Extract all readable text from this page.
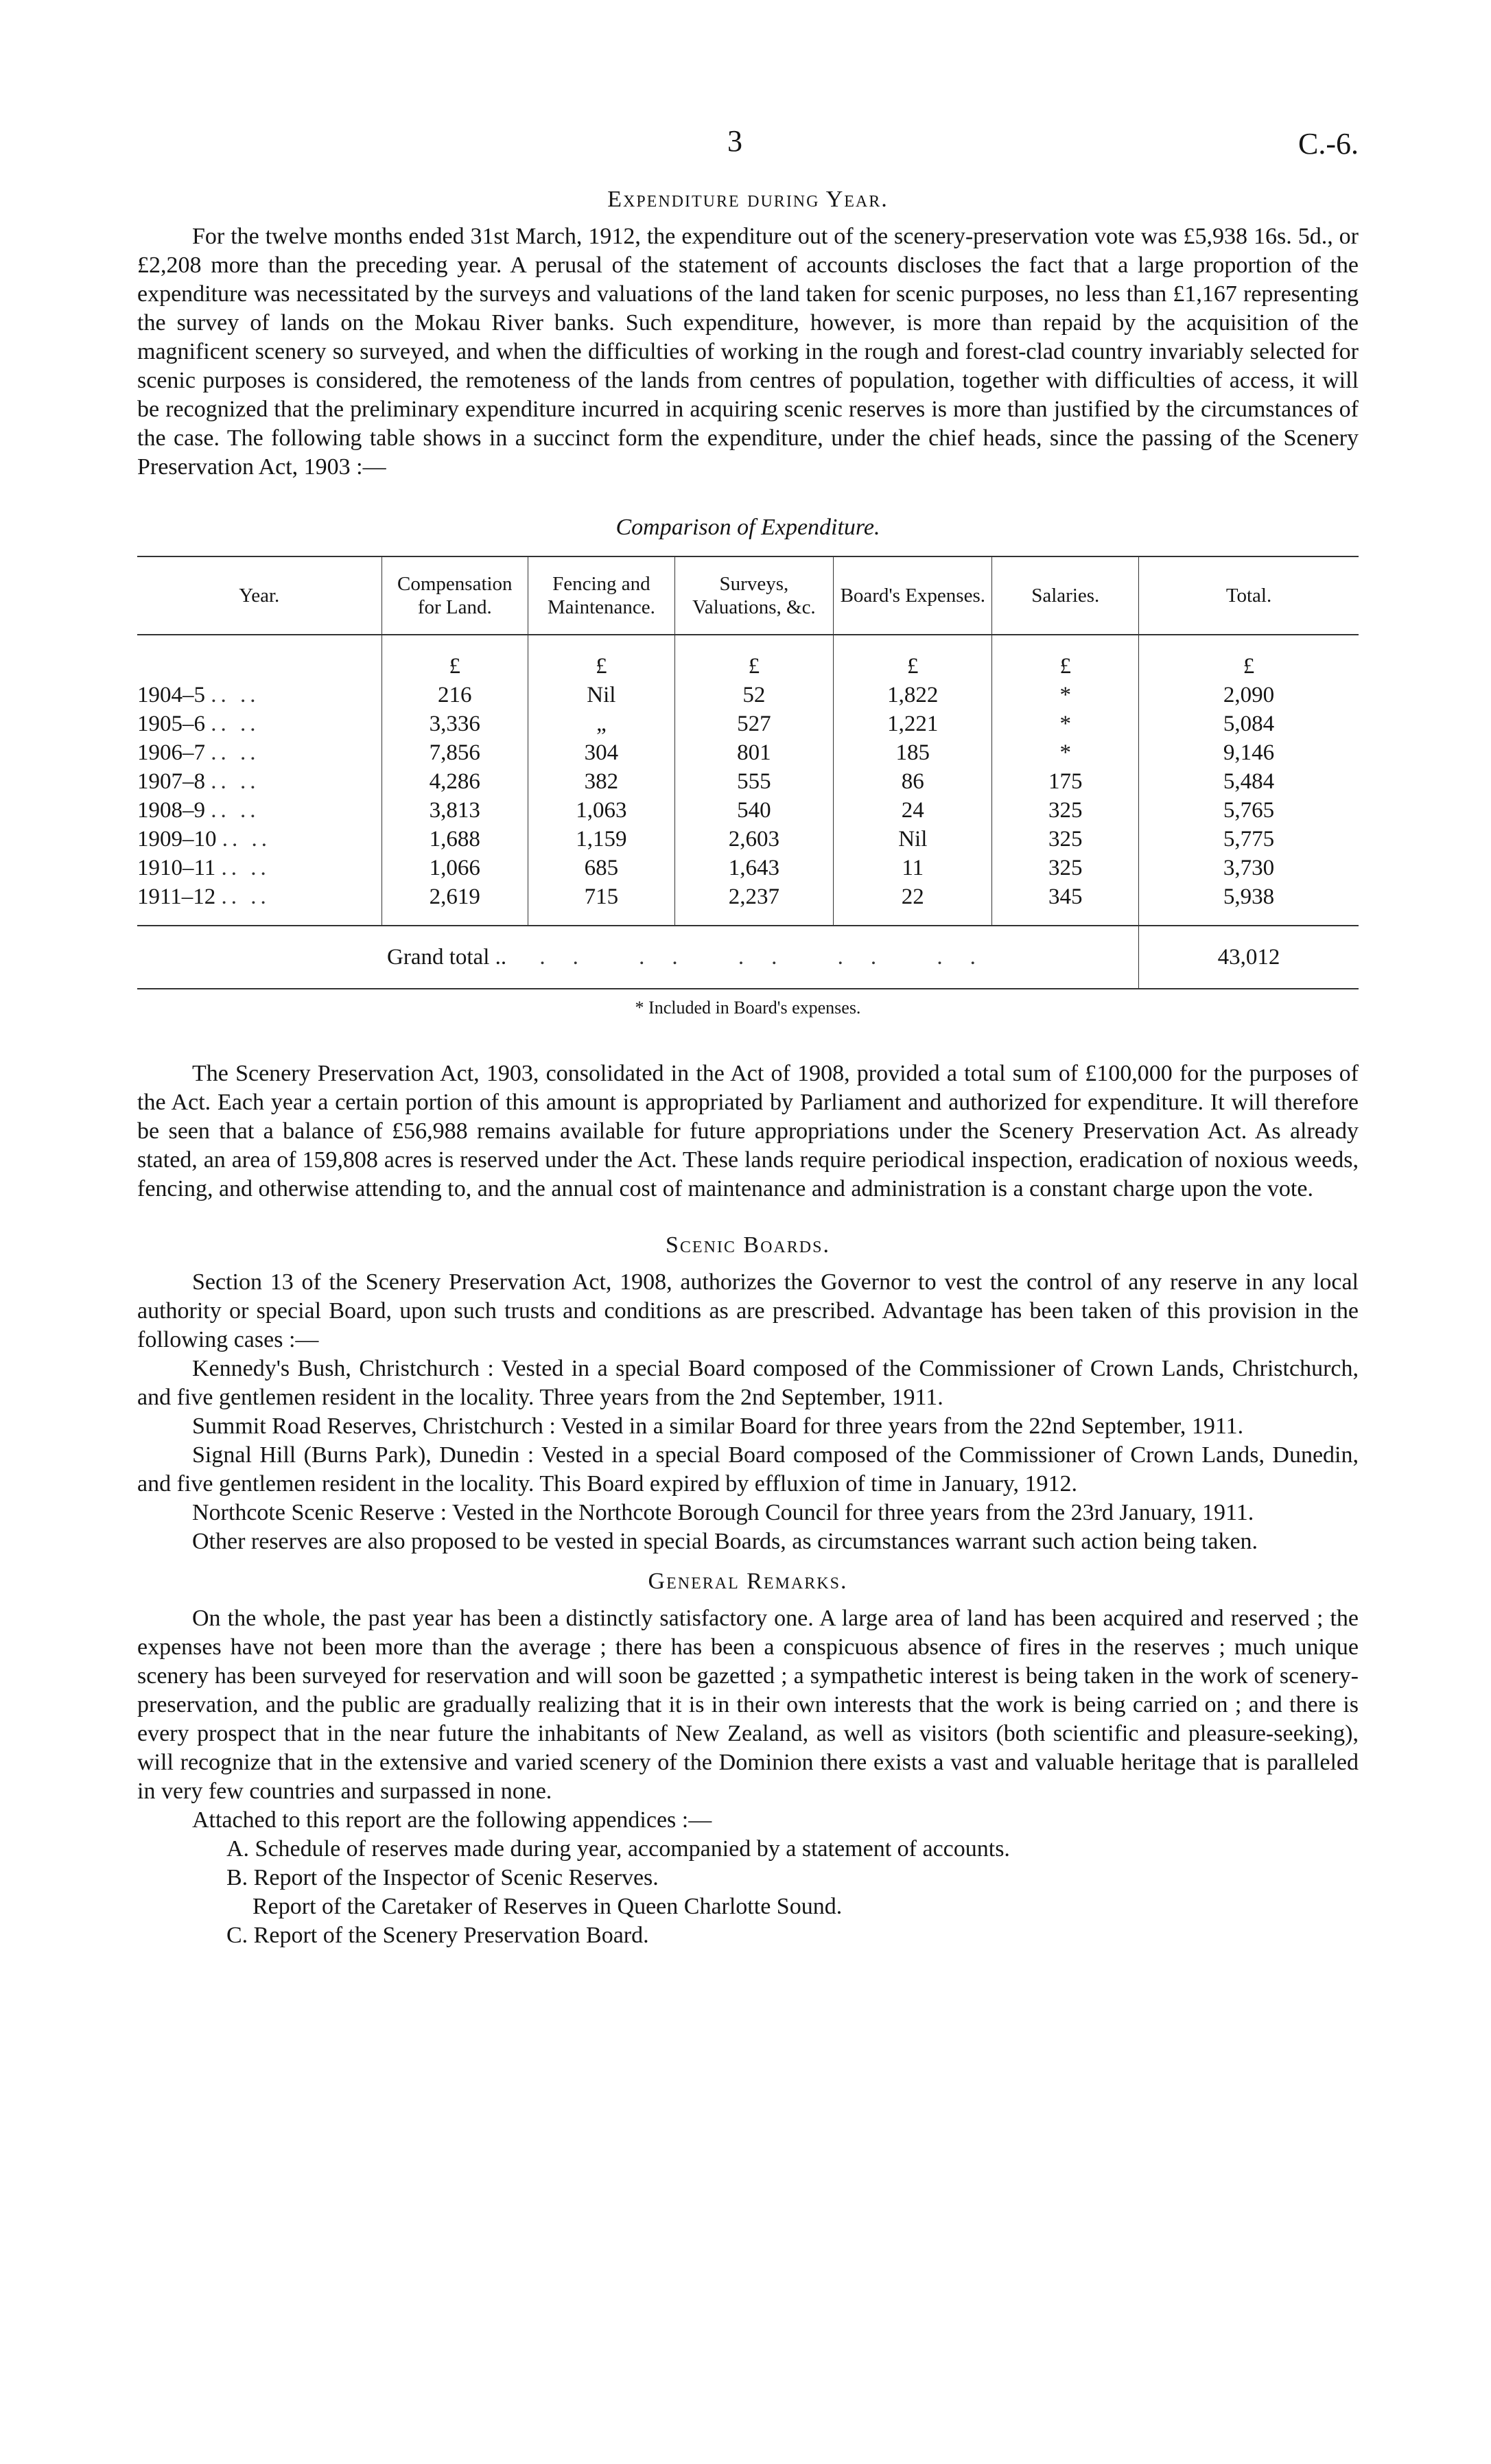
3	C.-6.
Expenditure during Year.

For the twelve months ended 31st March, 1912, the expenditure out of the scenery-preservation vote was £5,938 16s. 5d., or £2,208 more than the preceding year. A perusal of the statement of accounts discloses the fact that a large proportion of the expenditure was necessitated by the surveys and valuations of the land taken for scenic purposes, no less than £1,167 representing the survey of lands on the Mokau River banks. Such expenditure, however, is more than repaid by the acquisition of the magnificent scenery so surveyed, and when the difficulties of working in the rough and forest-clad country invariably selected for scenic purposes is considered, the remoteness of the lands from centres of population, together with difficulties of access, it will be recognized that the preliminary expenditure incurred in acquiring scenic reserves is more than justified by the circumstances of the case. The following table shows in a succinct form the expenditure, under the chief heads, since the passing of the Scenery Preservation Act, 1903 :—

Comparison of Expenditure.
Year.	Compensation for Land.	Fencing and Maintenance.	Surveys, Valuations, &c.	Board's Expenses.	Salaries.	Total.
	£	£	£	£	£	£
1904–5 .. ..	216	Nil	52	1,822	*	2,090
1905–6 .. ..	3,336	„	527	1,221	*	5,084
1906–7 .. ..	7,856	304	801	185	*	9,146
1907–8 .. ..	4,286	382	555	86	175	5,484
1908–9 .. ..	3,813	1,063	540	24	325	5,765
1909–10 .. ..	1,688	1,159	2,603	Nil	325	5,775
1910–11 .. ..	1,066	685	1,643	11	325	3,730
1911–12 .. ..	2,619	715	2,237	22	345	5,938
	Grand total .. .. .. .. .. ..					43,012
* Included in Board's expenses.

The Scenery Preservation Act, 1903, consolidated in the Act of 1908, provided a total sum of £100,000 for the purposes of the Act. Each year a certain portion of this amount is appropriated by Parliament and authorized for expenditure. It will therefore be seen that a balance of £56,988 remains available for future appropriations under the Scenery Preservation Act. As already stated, an area of 159,808 acres is reserved under the Act. These lands require periodical inspection, eradication of noxious weeds, fencing, and otherwise attending to, and the annual cost of maintenance and administration is a constant charge upon the vote.

Scenic Boards.

Section 13 of the Scenery Preservation Act, 1908, authorizes the Governor to vest the control of any reserve in any local authority or special Board, upon such trusts and conditions as are prescribed. Advantage has been taken of this provision in the following cases :—

Kennedy's Bush, Christchurch : Vested in a special Board composed of the Commissioner of Crown Lands, Christchurch, and five gentlemen resident in the locality. Three years from the 2nd September, 1911.

Summit Road Reserves, Christchurch : Vested in a similar Board for three years from the 22nd September, 1911.

Signal Hill (Burns Park), Dunedin : Vested in a special Board composed of the Commissioner of Crown Lands, Dunedin, and five gentlemen resident in the locality. This Board expired by effluxion of time in January, 1912.

Northcote Scenic Reserve : Vested in the Northcote Borough Council for three years from the 23rd January, 1911.

Other reserves are also proposed to be vested in special Boards, as circumstances warrant such action being taken.

General Remarks.

On the whole, the past year has been a distinctly satisfactory one. A large area of land has been acquired and reserved ; the expenses have not been more than the average ; there has been a conspicuous absence of fires in the reserves ; much unique scenery has been surveyed for reservation and will soon be gazetted ; a sympathetic interest is being taken in the work of scenery-preservation, and the public are gradually realizing that it is in their own interests that the work is being carried on ; and there is every prospect that in the near future the inhabitants of New Zealand, as well as visitors (both scientific and pleasure-seeking), will recognize that in the extensive and varied scenery of the Dominion there exists a vast and valuable heritage that is paralleled in very few countries and surpassed in none.

Attached to this report are the following appendices :—

A. Schedule of reserves made during year, accompanied by a statement of accounts.
B. Report of the Inspector of Scenic Reserves.
Report of the Caretaker of Reserves in Queen Charlotte Sound.
C. Report of the Scenery Preservation Board.
